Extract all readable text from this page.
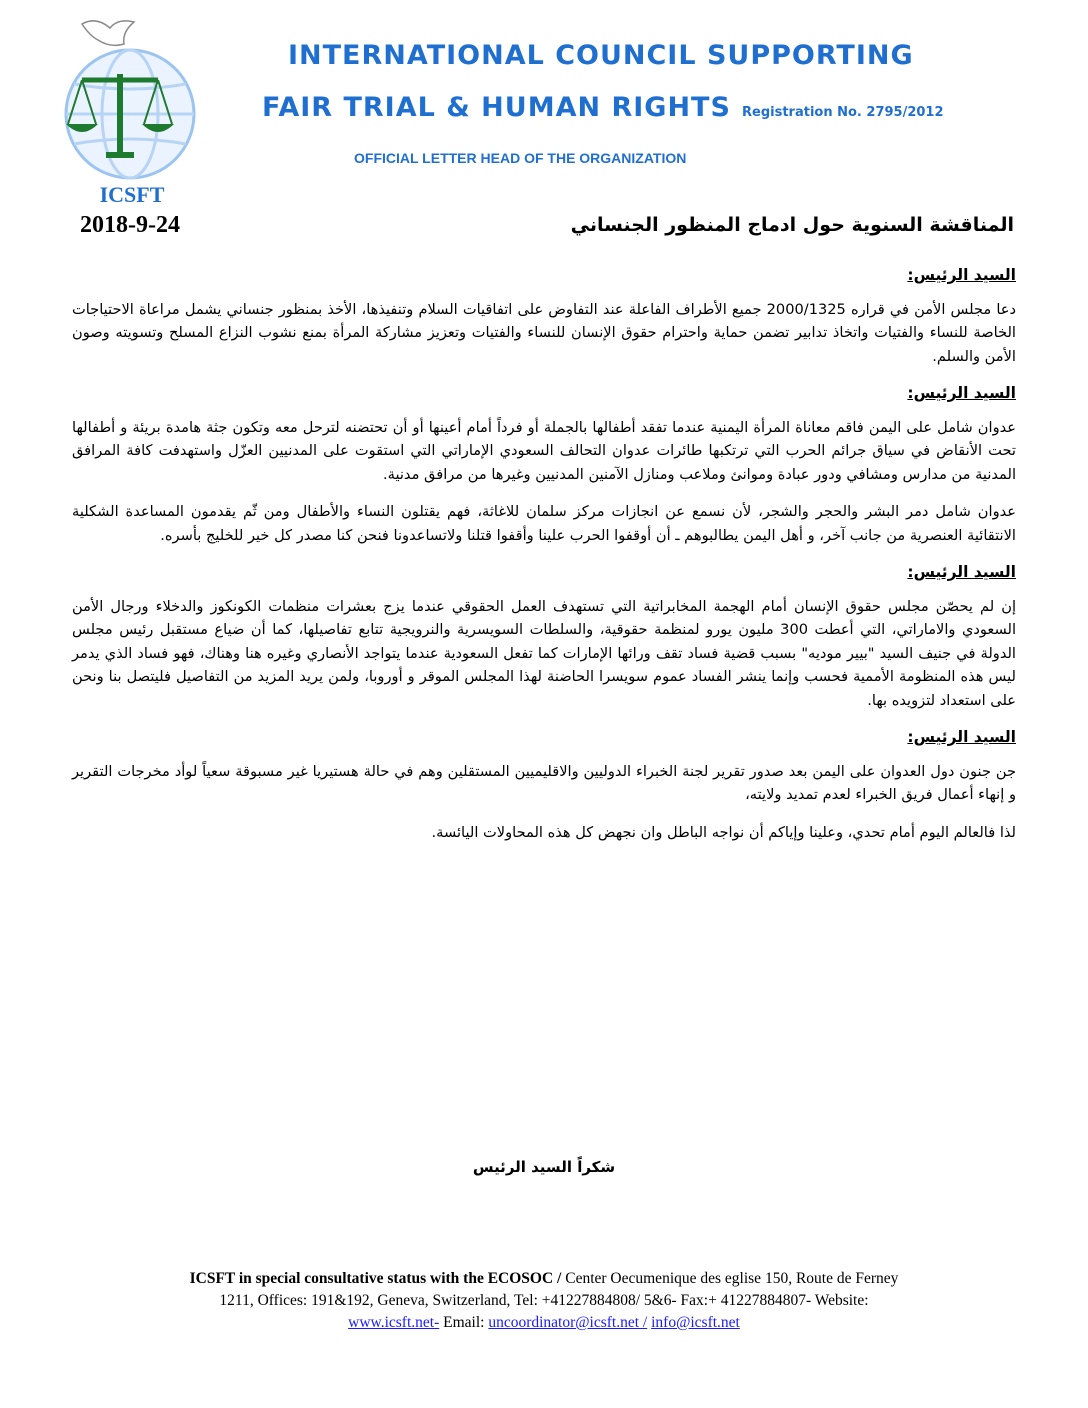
ICSFT
INTERNATIONAL COUNCIL SUPPORTING
FAIR TRIAL & HUMAN RIGHTS Registration No. 2795/2012
OFFICIAL LETTER HEAD OF THE ORGANIZATION
2018-9-24	المناقشة السنوية حول ادماج المنظور الجنساني
السيد الرئيس:

دعا مجلس الأمن في قراره 2000/1325 جميع الأطراف الفاعلة عند التفاوض على اتفاقيات السلام وتنفيذها، الأخذ بمنظور جنساني يشمل مراعاة الاحتياجات الخاصة للنساء والفتيات واتخاذ تدابير تضمن حماية واحترام حقوق الإنسان للنساء والفتيات وتعزيز مشاركة المرأة بمنع نشوب النزاع المسلح وتسويته وصون الأمن والسلم.

السيد الرئيس:

عدوان شامل على اليمن فاقم معاناة المرأة اليمنية عندما تفقد أطفالها بالجملة أو فرداً أمام أعينها أو أن تحتضنه لترحل معه وتكون جثة هامدة بريئة و أطفالها تحت الأنقاض في سياق جرائم الحرب التي ترتكبها طائرات عدوان التحالف السعودي الإماراتي التي استقوت على المدنيين العزّل واستهدفت كافة المرافق المدنية من مدارس ومشافي ودور عبادة وموانئ وملاعب ومنازل الآمنين المدنيين وغيرها من مرافق مدنية.

عدوان شامل دمر البشر والحجر والشجر، لأن نسمع عن انجازات مركز سلمان للاغاثة، فهم يقتلون النساء والأطفال ومن ثّم يقدمون المساعدة الشكلية الانتقائية العنصرية من جانب آخر، و أهل اليمن يطالبوهم ـ أن أوقفوا الحرب علينا وأقفوا قتلنا ولاتساعدونا فنحن كنا مصدر كل خير للخليج بأسره.

السيد الرئيس:

إن لم يحصّن مجلس حقوق الإنسان أمام الهجمة المخابراتية التي تستهدف العمل الحقوقي عندما يزج بعشرات منظمات الكونكوز والدخلاء ورجال الأمن السعودي والاماراتي، التي أعطت 300 مليون يورو لمنظمة حقوقية، والسلطات السويسرية والنرويجية تتابع تفاصيلها، كما أن ضياع مستقبل رئيس مجلس الدولة في جنيف السيد "بيير موديه" بسبب قضية فساد تقف ورائها الإمارات كما تفعل السعودية عندما يتواجد الأنصاري وغيره هنا وهناك، فهو فساد الذي يدمر ليس هذه المنظومة الأممية فحسب وإنما ينشر الفساد عموم سويسرا الحاضنة لهذا المجلس الموقر و أوروبا، ولمن يريد المزيد من التفاصيل فليتصل بنا ونحن على استعداد لتزويده بها.

السيد الرئيس:

جن جنون دول العدوان على اليمن بعد صدور تقرير لجنة الخبراء الدوليين والاقليميين المستقلين وهم في حالة هستيريا غير مسبوقة سعياً لوأد مخرجات التقرير و إنهاء أعمال فريق الخبراء لعدم تمديد ولايته،

لذا فالعالم اليوم أمام تحدي، وعلينا وإياكم أن نواجه الباطل وان نجهض كل هذه المحاولات اليائسة.

شكراً السيد الرئيس
ICSFT in special consultative status with the ECOSOC / Center Oecumenique des eglise 150, Route de Ferney
1211, Offices: 191&192, Geneva, Switzerland, Tel: +41227884808/ 5&6- Fax:+ 41227884807- Website:
www.icsft.net- Email: uncoordinator@icsft.net / info@icsft.net
